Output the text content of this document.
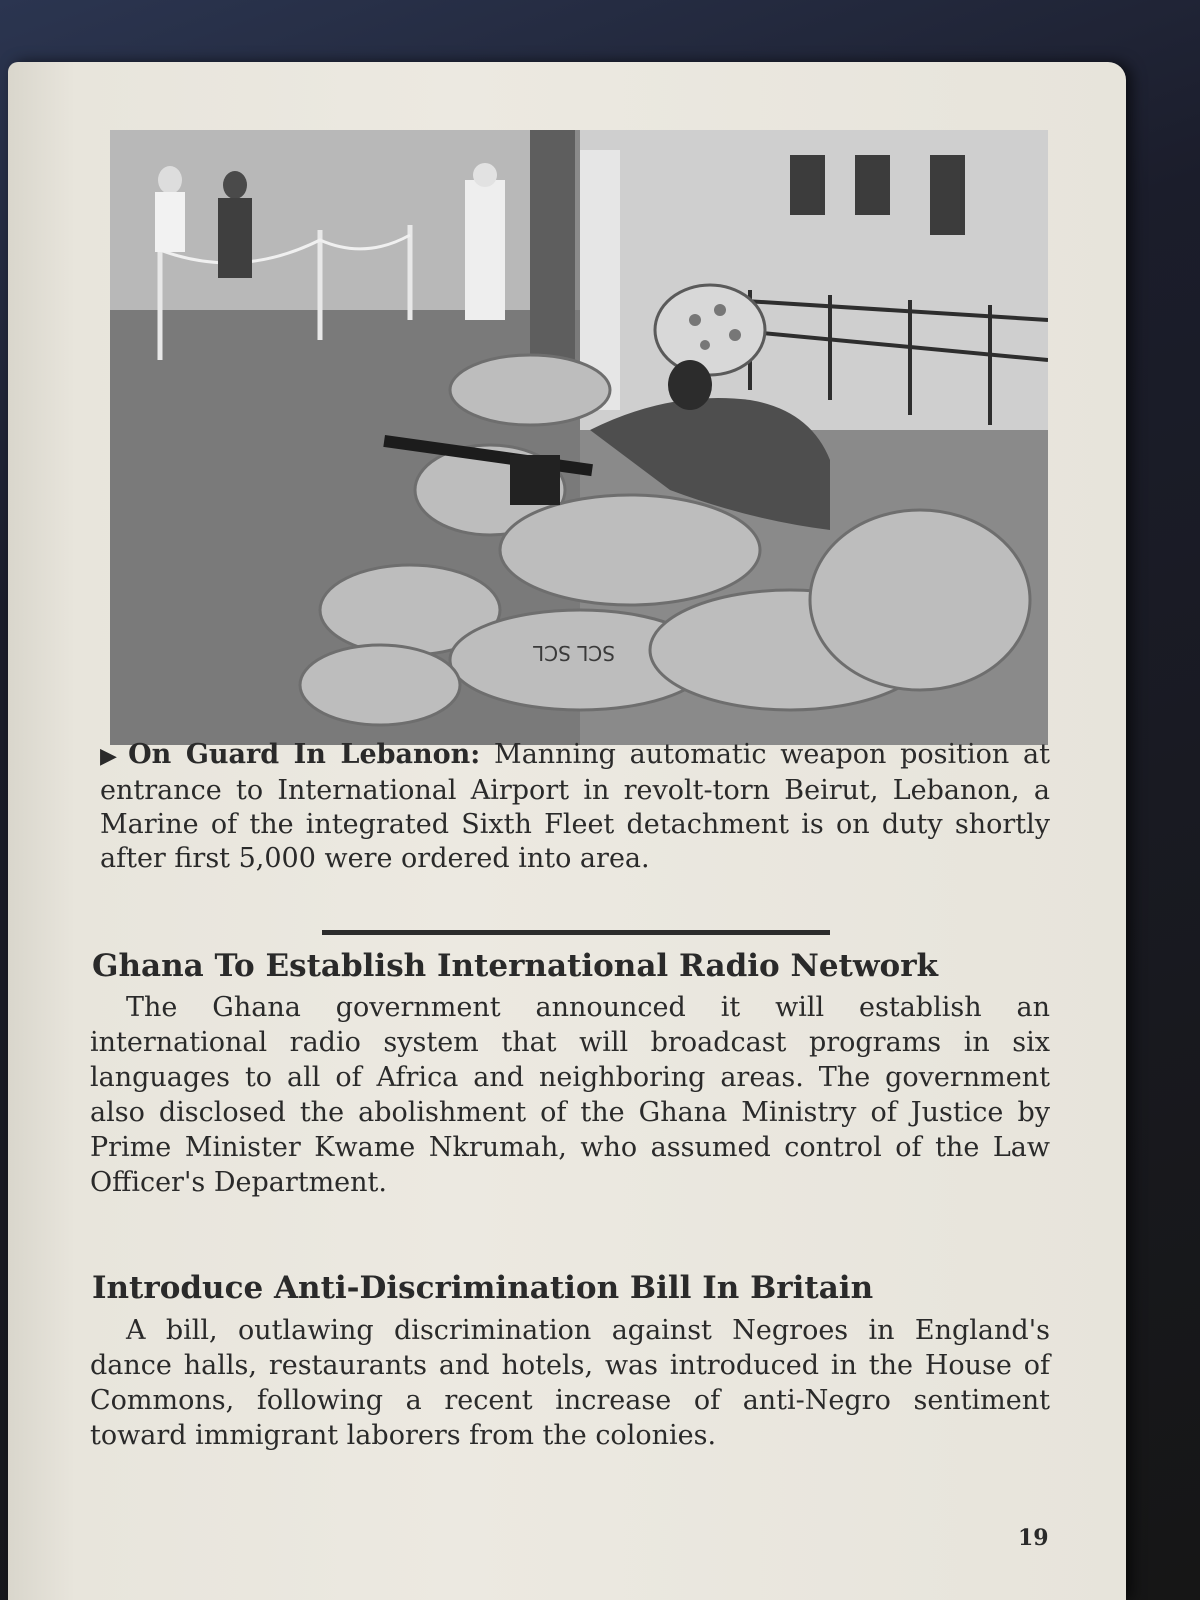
SCL SCL
▶ On Guard In Lebanon: Manning automatic weapon position at entrance to International Airport in revolt-torn Beirut, Lebanon, a Marine of the integrated Sixth Fleet detachment is on duty shortly after first 5,000 were ordered into area.
Ghana To Establish International Radio Network
The Ghana government announced it will establish an international radio system that will broadcast programs in six languages to all of Africa and neighboring areas. The government also disclosed the abolishment of the Ghana Ministry of Justice by Prime Minister Kwame Nkrumah, who assumed control of the Law Officer's Department.
Introduce Anti-Discrimination Bill In Britain
A bill, outlawing discrimination against Negroes in England's dance halls, restaurants and hotels, was introduced in the House of Commons, following a recent increase of anti-Negro sentiment toward immigrant laborers from the colonies.
19
